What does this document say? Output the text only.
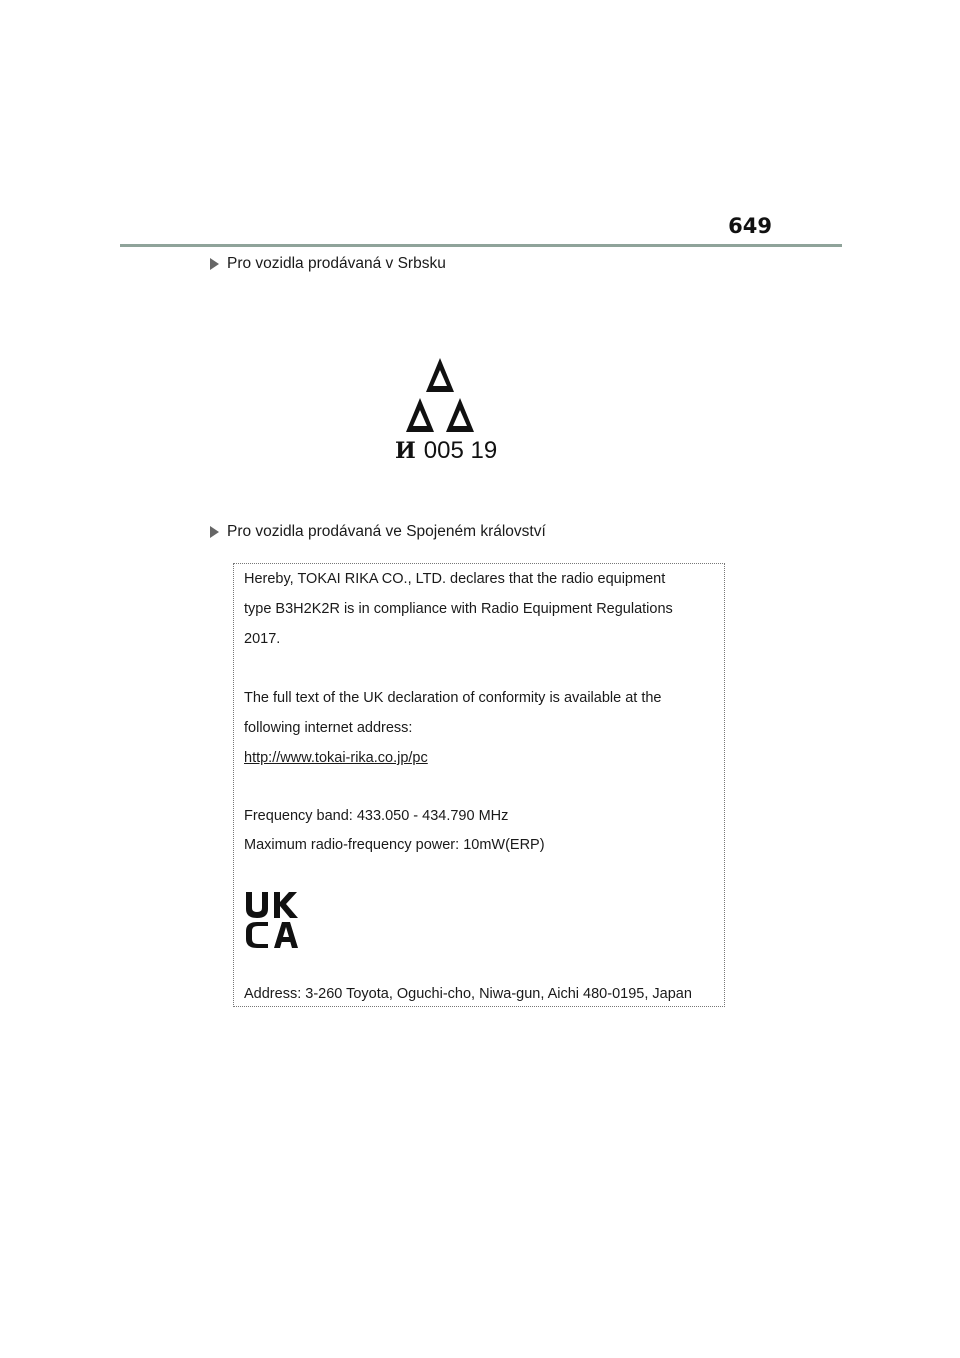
649
Pro vozidla prodávaná v Srbsku
И 005 19
Pro vozidla prodávaná ve Spojeném království
Hereby, TOKAI RIKA CO., LTD. declares that the radio equipment
type B3H2K2R is in compliance with Radio Equipment Regulations
2017.
The full text of the UK declaration of conformity is available at the
following internet address:
http://www.tokai-rika.co.jp/pc
Frequency band: 433.050 - 434.790 MHz
Maximum radio-frequency power: 10mW(ERP)
Address: 3-260 Toyota, Oguchi-cho, Niwa-gun, Aichi 480-0195, Japan
